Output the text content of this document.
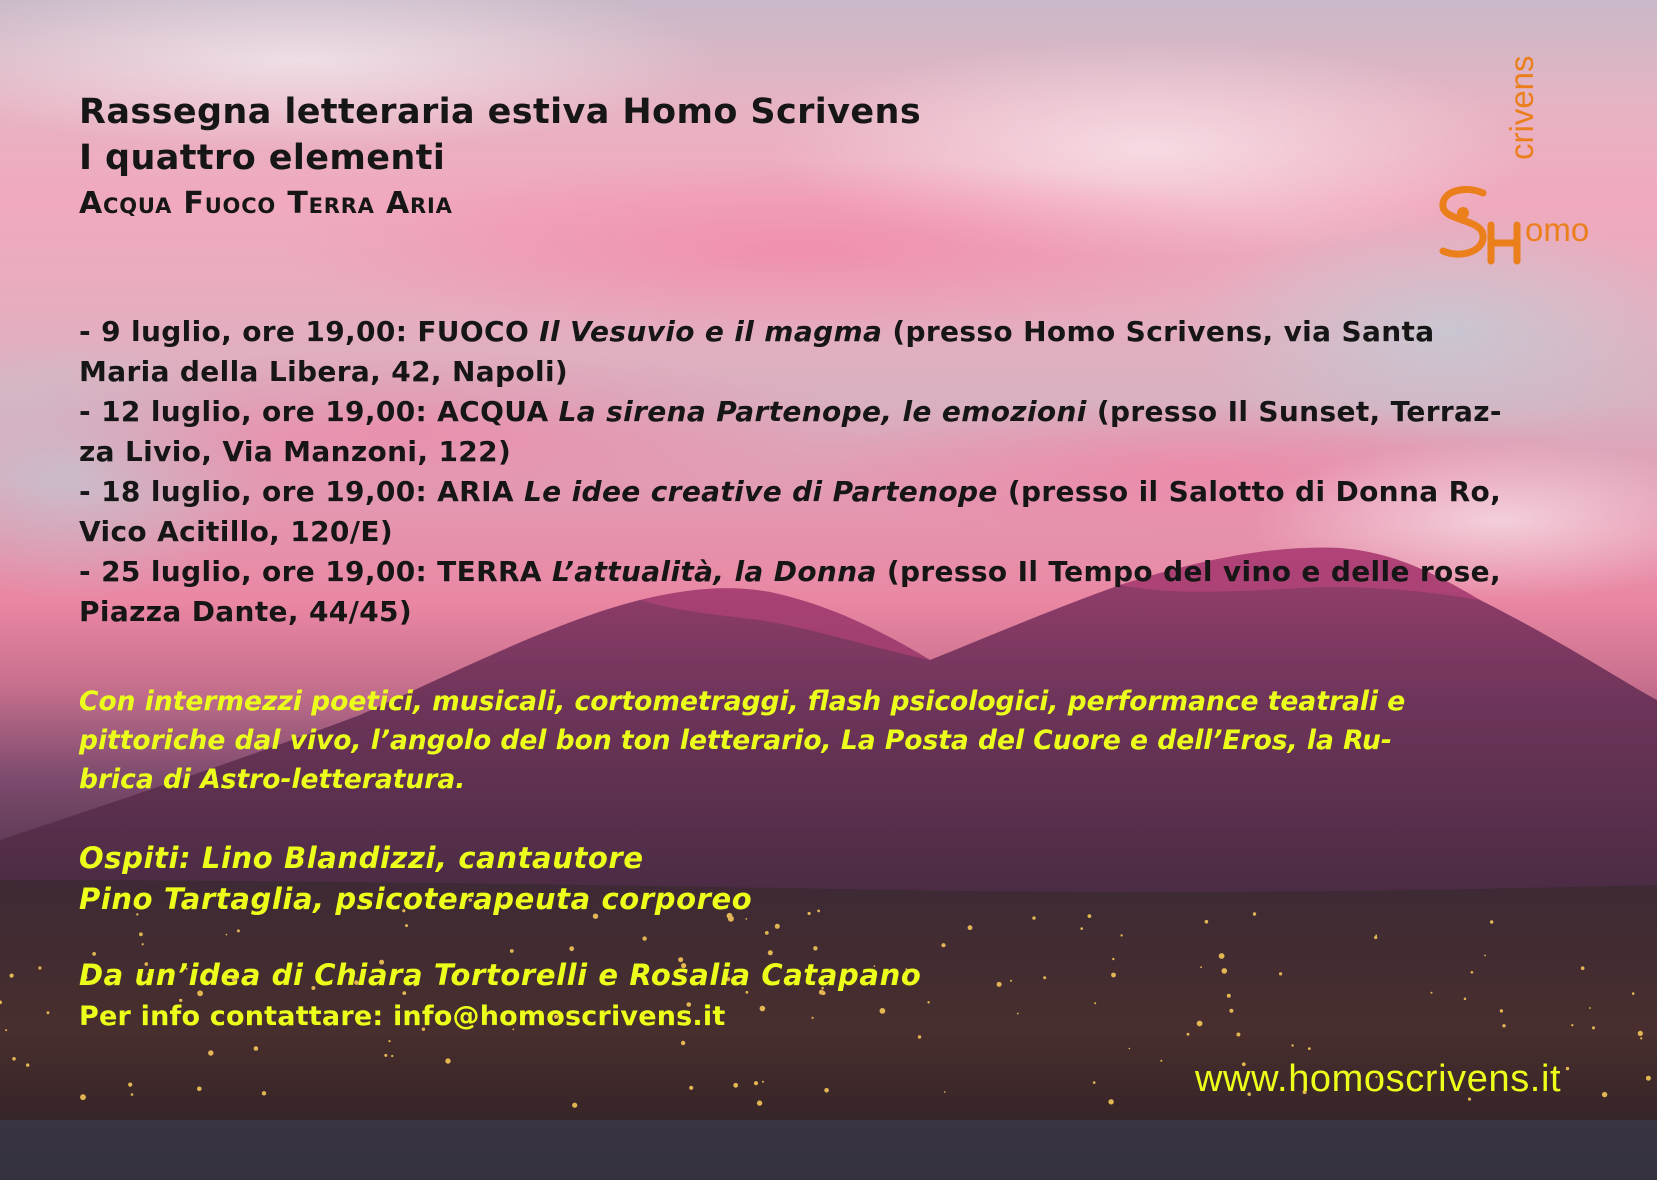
Rassegna letteraria estiva Homo Scrivens
I quattro elementi

ACQUA FUOCO TERRA ARIA

crivens
omo
- 9 luglio, ore 19,00: FUOCO Il Vesuvio e il magma (presso Homo Scrivens, via Santa
Maria della Libera, 42, Napoli)
- 12 luglio, ore 19,00: ACQUA La sirena Partenope, le emozioni (presso Il Sunset, Terraz-
za Livio, Via Manzoni, 122)
- 18 luglio, ore 19,00: ARIA Le idee creative di Partenope (presso il Salotto di Donna Ro,
Vico Acitillo, 120/E)
- 25 luglio, ore 19,00: TERRA L’attualità, la Donna (presso Il Tempo del vino e delle rose,
Piazza Dante, 44/45)
Con intermezzi poetici, musicali, cortometraggi, flash psicologici, performance teatrali e
pittoriche dal vivo, l’angolo del bon ton letterario, La Posta del Cuore e dell’Eros, la Ru-
brica di Astro-letteratura.
Ospiti: Lino Blandizzi, cantautore
Pino Tartaglia, psicoterapeuta corporeo

Da un’idea di Chiara Tortorelli e Rosalia Catapano

Per info contattare: info@homoscrivens.it

www.homoscrivens.it
